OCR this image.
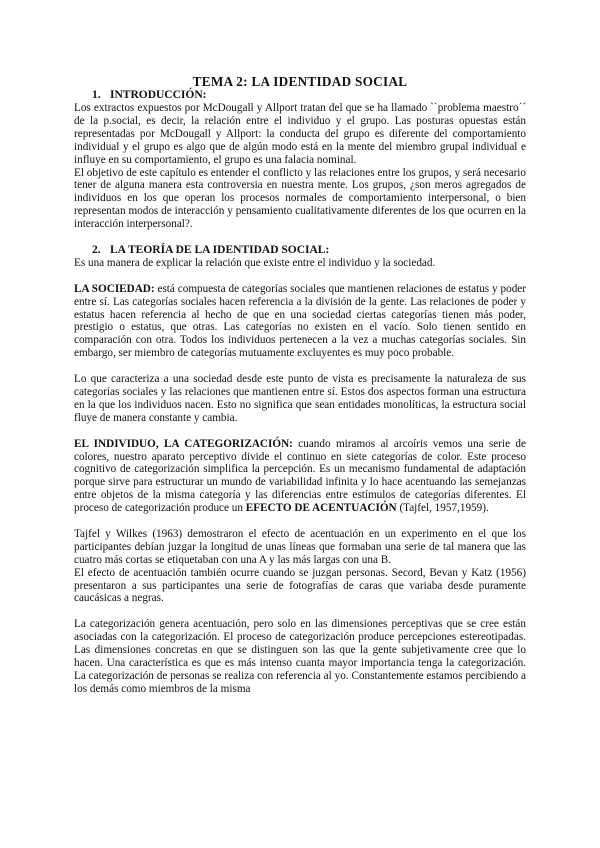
TEMA 2: LA IDENTIDAD SOCIAL
1. INTRODUCCIÓN:

Los extractos expuestos por McDougall y Allport tratan del que se ha llamado ``problema maestro´´ de la p.social, es decir, la relación entre el individuo y el grupo. Las posturas opuestas están representadas por McDougall y Allport: la conducta del grupo es diferente del comportamiento individual y el grupo es algo que de algún modo está en la mente del miembro grupal individual e influye en su comportamiento, el grupo es una falacia nominal.

El objetivo de este capítulo es entender el conflicto y las relaciones entre los grupos, y será necesario tener de alguna manera esta controversia en nuestra mente. Los grupos, ¿son meros agregados de individuos en los que operan los procesos normales de comportamiento interpersonal, o bien representan modos de interacción y pensamiento cualitativamente diferentes de los que ocurren en la interacción interpersonal?.

2. LA TEORÍA DE LA IDENTIDAD SOCIAL:

Es una manera de explicar la relación que existe entre el individuo y la sociedad.

LA SOCIEDAD: está compuesta de categorías sociales que mantienen relaciones de estatus y poder entre sí. Las categorías sociales hacen referencia a la división de la gente. Las relaciones de poder y estatus hacen referencia al hecho de que en una sociedad ciertas categorías tienen más poder, prestigio o estatus, que otras. Las categorías no existen en el vacío. Solo tienen sentido en comparación con otra. Todos los individuos pertenecen a la vez a muchas categorías sociales. Sin embargo, ser miembro de categorías mutuamente excluyentes es muy poco probable.

Lo que caracteriza a una sociedad desde este punto de vista es precisamente la naturaleza de sus categorías sociales y las relaciones que mantienen entre sí. Estos dos aspectos forman una estructura en la que los individuos nacen. Esto no significa que sean entidades monolíticas, la estructura social fluye de manera constante y cambia.

EL INDIVIDUO, LA CATEGORIZACIÓN: cuando miramos al arcoíris vemos una serie de colores, nuestro aparato perceptivo divide el continuo en siete categorías de color. Este proceso cognitivo de categorización simplifica la percepción. Es un mecanismo fundamental de adaptación porque sirve para estructurar un mundo de variabilidad infinita y lo hace acentuando las semejanzas entre objetos de la misma categoría y las diferencias entre estímulos de categorías diferentes. El proceso de categorización produce un EFECTO DE ACENTUACIÓN (Tajfel, 1957,1959).

Tajfel y Wilkes (1963) demostraron el efecto de acentuación en un experimento en el que los participantes debían juzgar la longitud de unas líneas que formaban una serie de tal manera que las cuatro más cortas se etiquetaban con una A y las más largas con una B.

El efecto de acentuación también ocurre cuando se juzgan personas. Secord, Bevan y Katz (1956) presentaron a sus participantes una serie de fotografías de caras que variaba desde puramente caucásicas a negras.

La categorización genera acentuación, pero solo en las dimensiones perceptivas que se cree están asociadas con la categorización. El proceso de categorización produce percepciones estereotipadas. Las dimensiones concretas en que se distinguen son las que la gente subjetivamente cree que lo hacen. Una característica es que es más intenso cuanta mayor importancia tenga la categorización. La categorización de personas se realiza con referencia al yo. Constantemente estamos percibiendo a los demás como miembros de la misma
